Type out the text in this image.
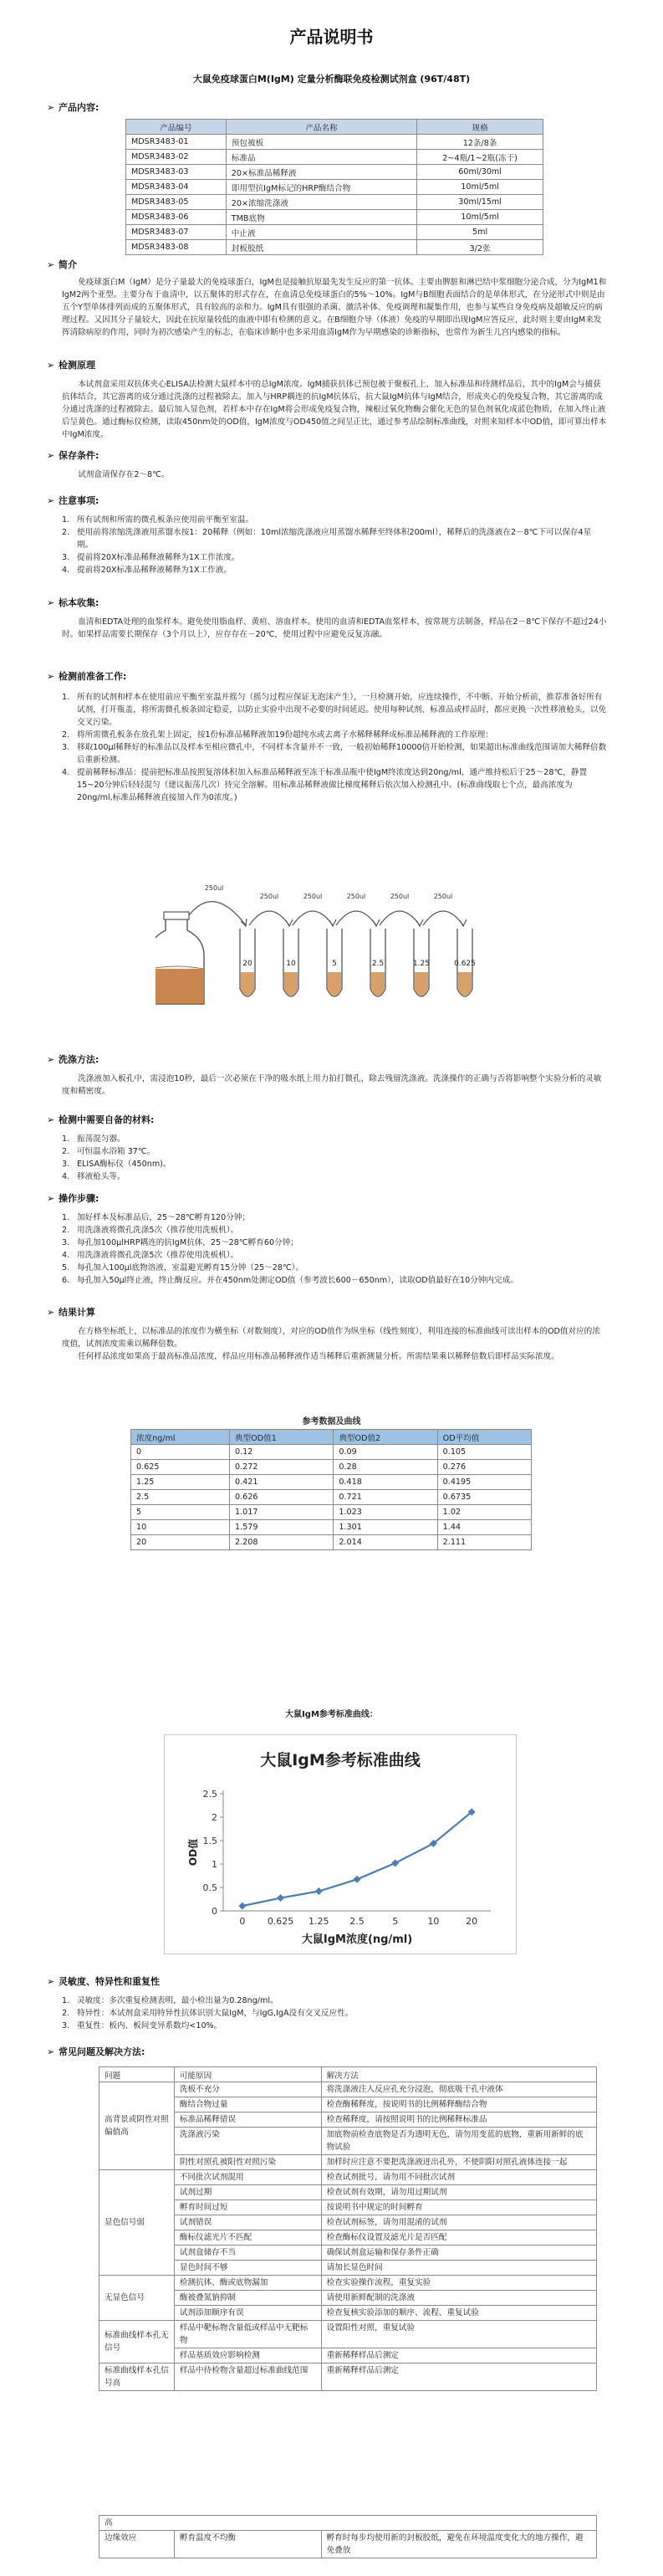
产品说明书
大鼠免疫球蛋白M(IgM) 定量分析酶联免疫检测试剂盒 (96T/48T)
➢ 产品内容:
产品编号	产品名称	规格
MDSR3483-01	预包被板	12条/8条
MDSR3483-02	标准品	2~4瓶/1~2瓶(冻干)
MDSR3483-03	20×标准品稀释液	60ml/30ml
MDSR3483-04	即用型抗IgM标记的HRP酶结合物	10ml/5ml
MDSR3483-05	20×浓缩洗涤液	30ml/15ml
MDSR3483-06	TMB底物	10ml/5ml
MDSR3483-07	中止液	5ml
MDSR3483-08	封板胶纸	3/2张
➢ 简介

免疫球蛋白M（IgM）是分子量最大的免疫球蛋白，IgM也是接触抗原最先发生反应的第一抗体。主要由脾脏和淋巴结中浆细胞分泌合成，分为IgM1和IgM2两个亚型。主要分布于血清中，以五聚体的形式存在，在血清总免疫球蛋白的5%～10%。IgM与B细胞表面结合的是单体形式，在分泌形式中则是由五个Y型单体排列而成的五聚体形式，具有较高的亲和力。IgM具有很强的杀菌、激活补体、免疫调理和凝集作用，也参与某些自身免疫病及超敏反应的病理过程。又因其分子量较大，因此在抗原量较低的血液中即有检测的意义。在B细胞介导（体液）免疫的早期即出现IgM应答反应，此时则主要由IgM来发挥清除病原的作用，同时为初次感染产生的标志，在临床诊断中也多采用血清IgM作为早期感染的诊断指标，也常作为新生儿宫内感染的指标。

➢ 检测原理

本试剂盒采用双抗体夹心ELISA法检测大鼠样本中的总IgM浓度。IgM捕获抗体已预包被于聚板孔上，加入标准品和待测样品后，其中的IgM会与捕获抗体结合，其它游离的成分通过洗涤的过程被除去。加入与HRP耦连的抗IgM抗体后，抗大鼠IgM抗体与IgM结合，形成夹心的免疫复合物，其它游离的成分通过洗涤的过程被除去。最后加入显色剂，若样本中存在IgM将会形成免疫复合物，辣根过氧化物酶会催化无色的显色剂氧化成蓝色物质，在加入终止液后呈黄色。通过酶标仪检测，读取450nm处的OD值，IgM浓度与OD450值之间呈正比，通过参考品绘制标准曲线，对照来知样本中OD值，即可算出样本中IgM浓度。

➢ 保存条件:

试剂盒请保存在2～8℃。

➢ 注意事项:
1. 所有试剂和所需的微孔板条应使用前平衡至室温。
2. 使用前将浓缩洗涤液用蒸馏水按1：20稀释（例如：10ml浓缩洗涤液应用蒸馏水稀释至终体积200ml），稀释后的洗涤液在2－8℃下可以保存4星期。
3. 提前将20X标准品稀释液稀释为1X工作浓度。
4. 提前将20X标准品稀释液稀释为1X工作液。
➢ 标本收集:

血清和EDTA处理的血浆样本。避免使用脂血样、黄疸、溶血样本。使用的血清和EDTA血浆样本，按常规方法制备，样品在2－8℃下保存不超过24小时。如果样品需要长期保存（3个月以上），应存存在－20℃，使用过程中应避免反复冻融。

➢ 检测前准备工作:
1. 所有的试剂和样本在使用前应平衡至室温并摇匀（摇匀过程应保证无泡沫产生），一旦检测开始，应连续操作，不中断。开始分析前，推荐准备好所有试剂，打开瓶盖，将所需微孔板条固定稳妥，以防止实验中出现不必要的时间延迟。使用每种试剂、标准品或样品时，都应更换一次性移液枪头，以免交叉污染。
2. 将所需微孔板条在放孔架上固定，按1份标准品稀释液加19份超纯水或去离子水稀释稀释成标准品稀释液的工作原理：
3. 移取100μl稀释好的标准品以及样本至相应微孔中，不同样本含量并不一致，一般初始稀释10000倍开始检测，如果超出标准曲线范围请加大稀释倍数后重新检测。
4. 提前稀释标准品：提前把标准品按照复溶体积加入标准品稀释液至冻干标准品瓶中使IgM终浓度达到20ng/ml，通产维持松后于25～28℃，静置15~20分钟后轻轻混匀（建议振荡几次）待完全溶解。用标准品稀释液做比梯度稀释后依次加入检测孔中。(标准曲线取七个点，最高浓度为20ng/ml,标准品稀释液直接加入作为0浓度。)
250ul	250ul	250ul	250ul	250ul
250ul
20	10	5	2.5	1.25	0.625
➢ 洗涤方法:

洗涤液加入板孔中，需浸泡10秒，最后一次必须在干净的吸水纸上用力拍打微孔，除去残留洗涤液。洗涤操作的正确与否将影响整个实验分析的灵敏度和精密度。

➢ 检测中需要自备的材料:
1. 振荡混匀器。
2. 可恒温水浴箱 37℃。
3. ELISA酶标仪（450nm)。
4. 移液枪头等。
➢ 操作步骤:
1. 加好样本及标准品后，25～28℃孵育120分钟；
2. 用洗涤液将微孔洗涤5次（推荐使用洗板机）。
3. 每孔加100μlHRP耦连的抗IgM抗体，25～28℃孵育60分钟；
4. 用洗涤液将微孔洗涤5次（推荐使用洗板机）。
5. 每孔加入100μl底物溶液，室温避光孵育15分钟（25～28℃）。
6. 每孔加入50μl终止液，终止酶反应。并在450nm处测定OD值（参考波长600－650nm），读取OD值最好在10分钟内完成。
➢ 结果计算

在方格坐标纸上，以标准品的浓度作为横坐标（对数刻度），对应的OD值作为纵坐标（线性刻度），利用连接的标准曲线可读出样本的OD值对应的浓度值，试剂浓度需乘以稀释倍数。

任何样品浓度如果高于最高标准品浓度，样品应用标准品稀释液作适当稀释后重新测量分析。所需结果乘以稀释倍数后即样品实际浓度。

参考数据及曲线
浓度ng/ml	典型OD值1	典型OD值2	OD平均值
0	0.12	0.09	0.105
0.625	0.272	0.28	0.276
1.25	0.421	0.418	0.4195
2.5	0.626	0.721	0.6735
5	1.017	1.023	1.02
10	1.579	1.301	1.44
20	2.208	2.014	2.111
大鼠IgM参考标准曲线：
大鼠IgM参考标准曲线
0
0.5
1
1.5
2
2.5
0 0.625 1.25 2.5	5	10	20
OD值
大鼠IgM浓度(ng/ml)
➢ 灵敏度、特异性和重复性
1. 灵敏度：多次重复检测表明，最小检出量为0.28ng/ml。
2. 特异性：本试剂盒采用特异性抗体识别大鼠IgM，与IgG,IgA没有交叉反应性。
3. 重复性：板内、板间变异系数均<10%。
➢ 常见问题及解决方法:
问题	可能原因	解决方法
高背景或阴性对照偏值高	洗板不充分	将洗涤液注入反应孔充分浸泡，彻底吸干孔中液体
	酶结合物过量	检查酶稀释度，按说明书的比例稀释酶结合物
	标准品稀释错误	检查稀释度，请按照说明书的比例稀释标准品
	洗涤液污染	加底物前检查底物是否为透明无色，请勿用变蓝的底物，重新用新鲜的底物试验
	阴性对照孔被阳性对照污染	加样时应注意不要把洗涤液迸出孔外，不使阴阳对照孔液体连接一起
显色信号弱	不同批次试剂混用	检查试剂批号，请勿用不同批次试剂
	试剂过期	检查试剂有效期，请勿用过期试剂
	孵育时间过短	按说明书中规定的时间孵育
	试剂错误	检查试剂标签，请勿用混淆的试剂
	酶标仪滤光片不匹配	检查酶标仪设置及滤光片是否匹配
	试剂盒储存不当	确保试剂盒运输和保存条件正确
	显色时间不够	请加长显色时间
无显色信号	检测抗体、酶或底物漏加	检查实验操作流程，重复实验
	酶被叠氮钠抑制	请使用新鲜配制的洗涤液
	试剂添加顺序有误	检查复核实验添加的顺序、流程、重复试验
标准曲线样本孔无信号	样品中靶标物含量低或样品中无靶标物	设置阳性对照，重复试验
	样品基质效应影响检测	重新稀释样品后测定
标准曲线样本孔信号高	样品中待检物含量超过标准曲线范围	重新稀释样品后测定
高
边缘效应	孵育温度不均衡	孵育时每步均使用新的封板胶纸，避免在环境温度变化大的地方操作，避免叠放
